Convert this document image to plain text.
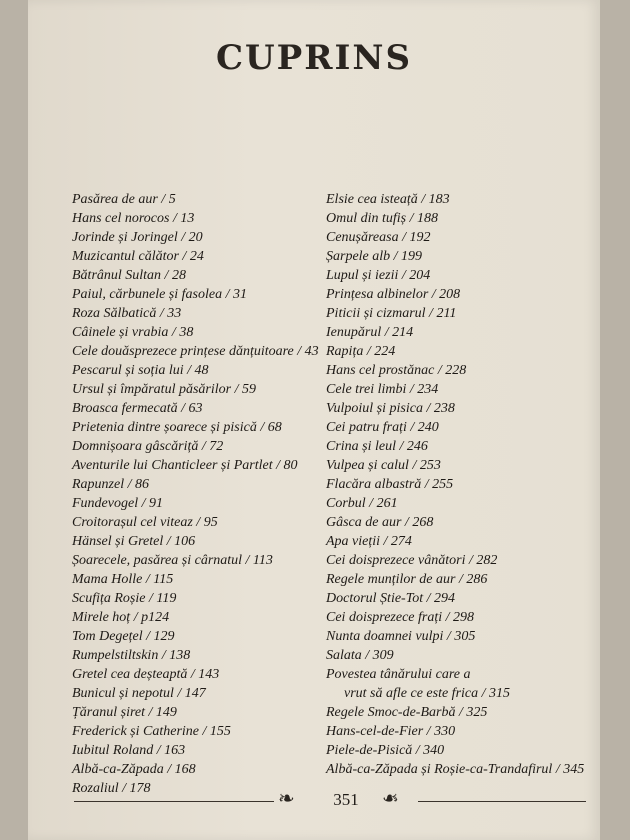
CUPRINS
Pasărea de aur / 5
Hans cel norocos / 13
Jorinde și Joringel / 20
Muzicantul călător / 24
Bătrânul Sultan / 28
Paiul, cărbunele și fasolea / 31
Roza Sălbatică / 33
Câinele și vrabia / 38
Cele douăsprezece prințese dănțuitoare / 43
Pescarul și soția lui / 48
Ursul și împăratul păsărilor / 59
Broasca fermecată / 63
Prietenia dintre șoarece și pisică / 68
Domnișoara gâscăriță / 72
Aventurile lui Chanticleer și Partlet / 80
Rapunzel / 86
Fundevogel / 91
Croitorașul cel viteaz / 95
Hänsel și Gretel / 106
Șoarecele, pasărea și cârnatul / 113
Mama Holle / 115
Scufița Roșie / 119
Mirele hoț / p124
Tom Degețel / 129
Rumpelstiltskin / 138
Gretel cea deșteaptă / 143
Bunicul și nepotul / 147
Țăranul șiret / 149
Frederick și Catherine / 155
Iubitul Roland / 163
Albă-ca-Zăpada / 168
Rozaliul / 178
Elsie cea isteață / 183
Omul din tufiș / 188
Cenușăreasa / 192
Șarpele alb / 199
Lupul și iezii / 204
Prințesa albinelor / 208
Piticii și cizmarul / 211
Ienupărul / 214
Rapița / 224
Hans cel prostănac / 228
Cele trei limbi / 234
Vulpoiul și pisica / 238
Cei patru frați / 240
Crina și leul / 246
Vulpea și calul / 253
Flacăra albastră / 255
Corbul / 261
Gâsca de aur / 268
Apa vieții / 274
Cei doisprezece vânători / 282
Regele munților de aur / 286
Doctorul Știe-Tot / 294
Cei doisprezece frați / 298
Nunta doamnei vulpi / 305
Salata / 309
Povestea tânărului care a
vrut să afle ce este frica / 315
Regele Smoc-de-Barbă / 325
Hans-cel-de-Fier / 330
Piele-de-Pisică / 340
Albă-ca-Zăpada și Roșie-ca-Trandafirul / 345
❧	351	❧
